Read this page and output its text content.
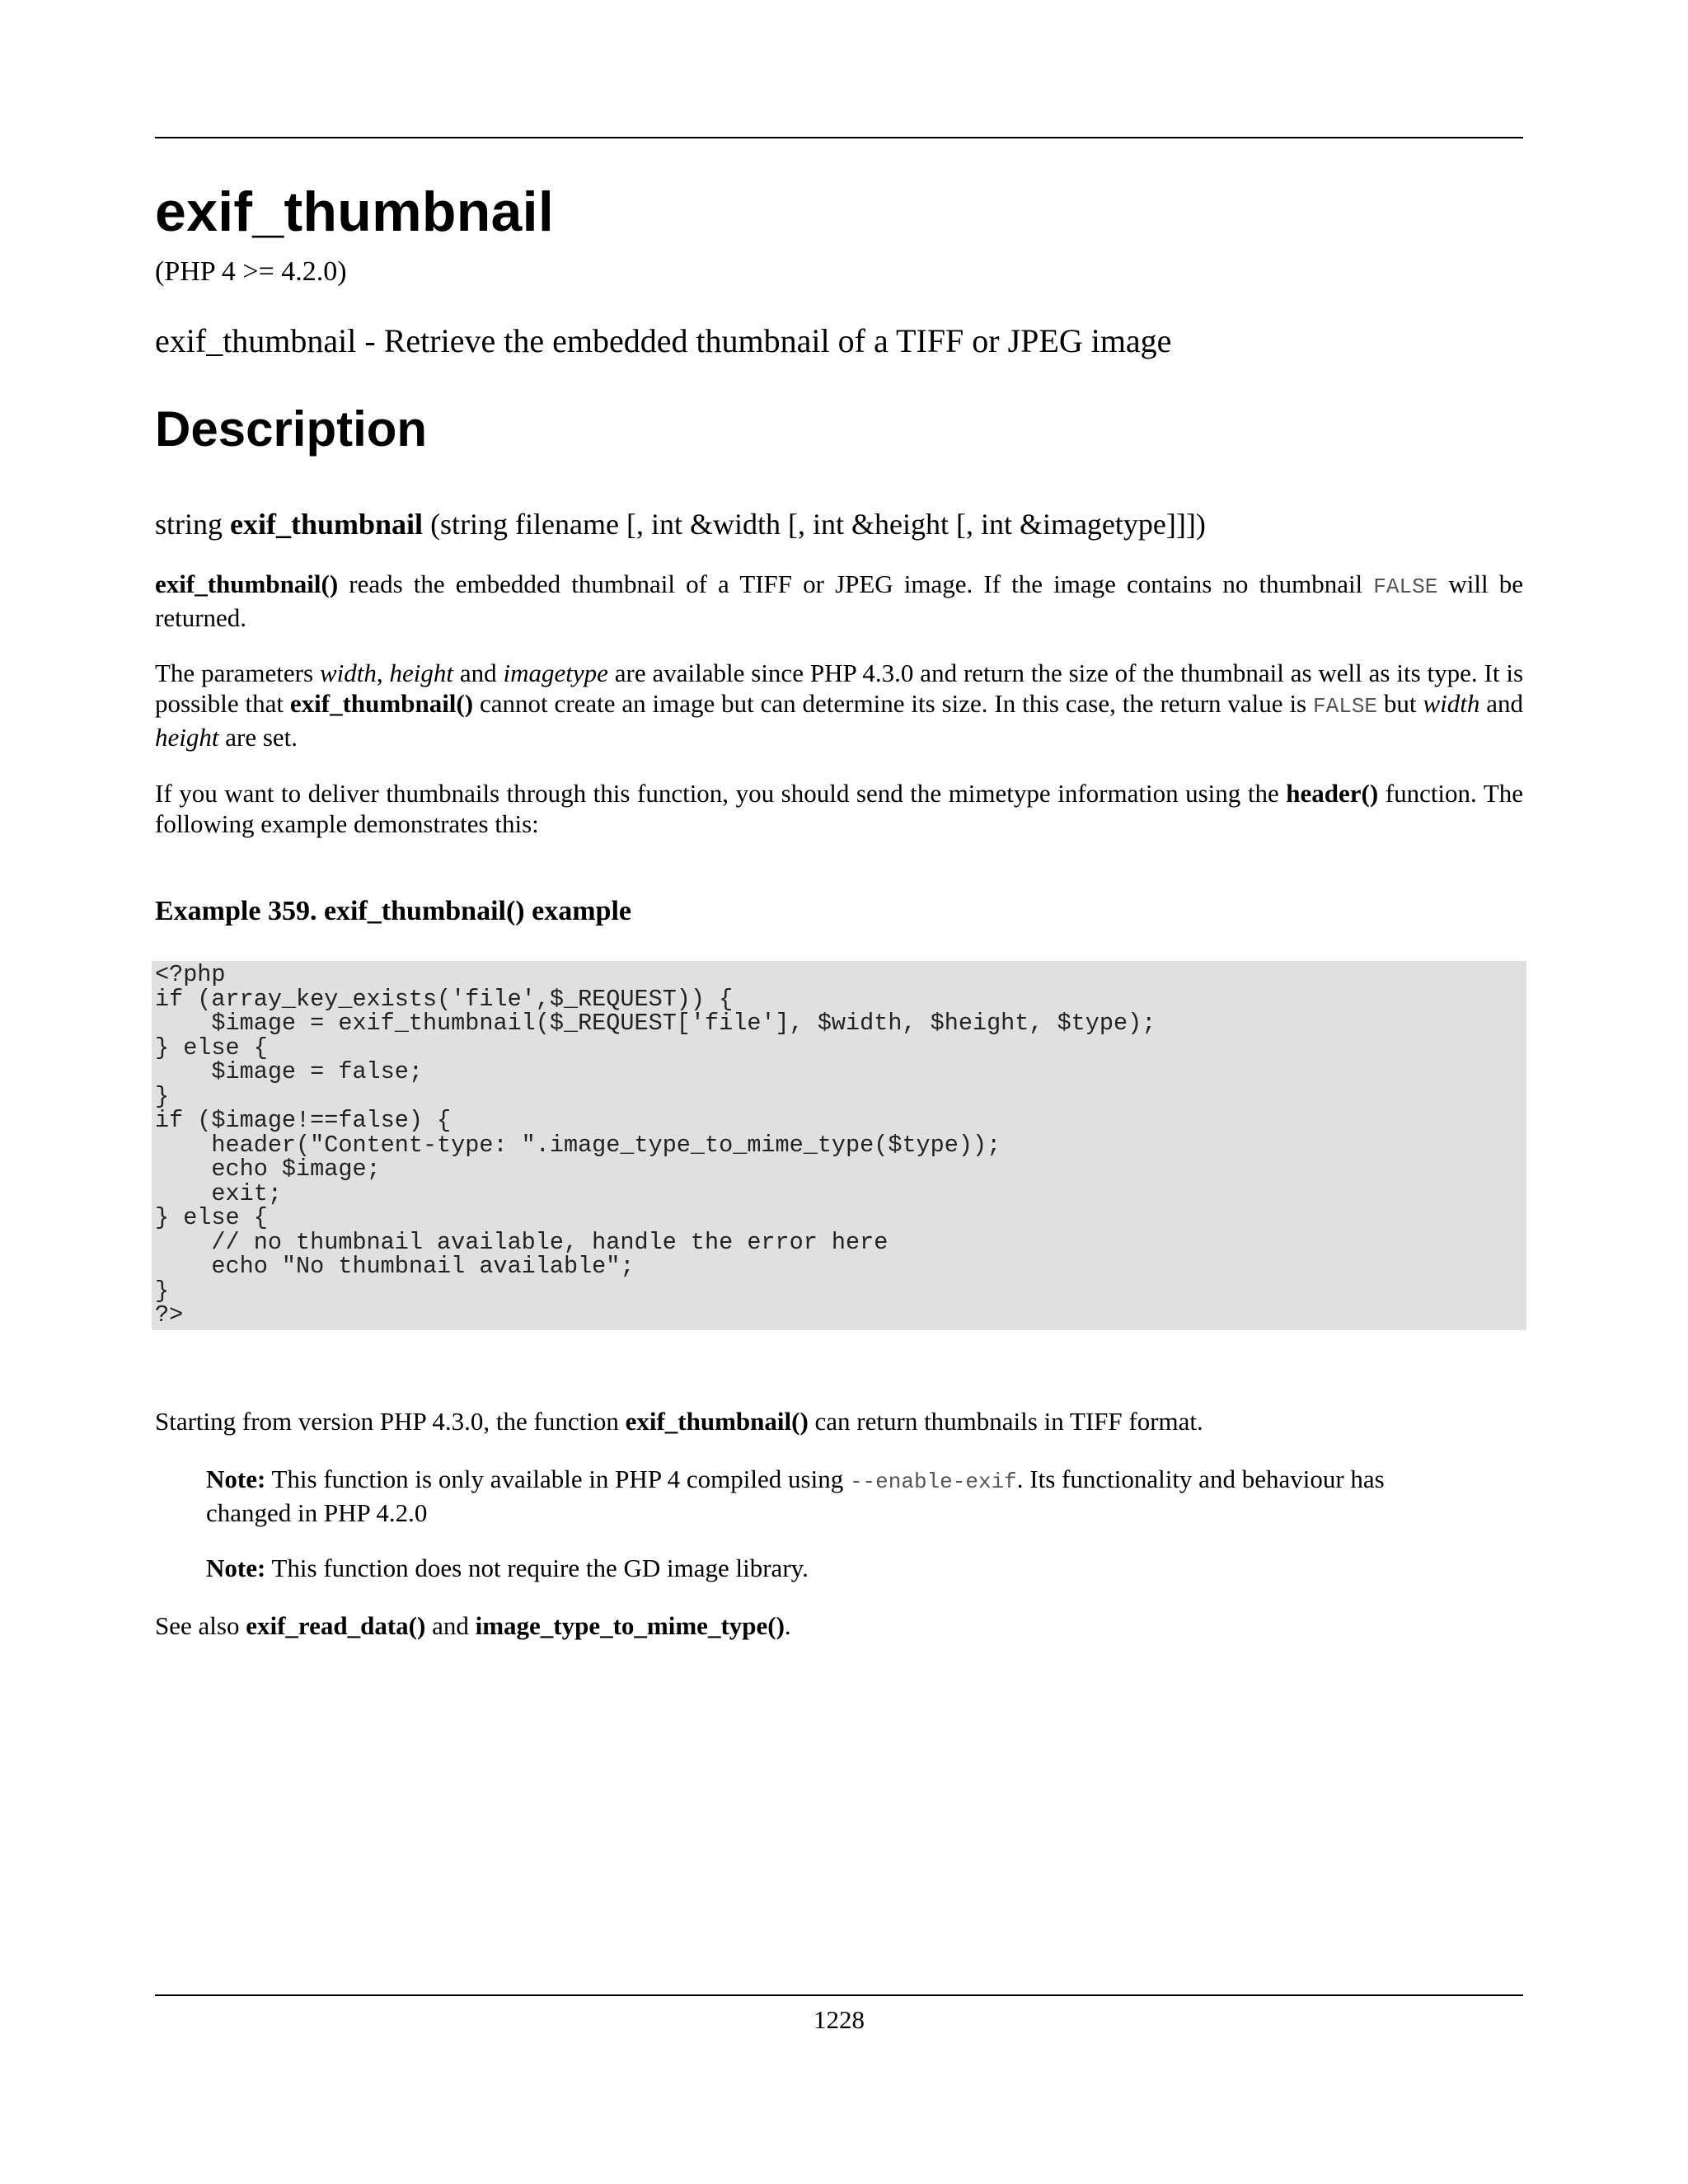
exif_thumbnail

(PHP 4 >= 4.2.0)

exif_thumbnail - Retrieve the embedded thumbnail of a TIFF or JPEG image

Description

string exif_thumbnail (string filename [, int &width [, int &height [, int &imagetype]]])

exif_thumbnail() reads the embedded thumbnail of a TIFF or JPEG image. If the image contains no thumbnail FALSE will be returned.

The parameters width, height and imagetype are available since PHP 4.3.0 and return the size of the thumbnail as well as its type. It is possible that exif_thumbnail() cannot create an image but can determine its size. In this case, the return value is FALSE but width and height are set.

If you want to deliver thumbnails through this function, you should send the mimetype information using the header() function. The following example demonstrates this:

Example 359. exif_thumbnail() example

<?php
if (array_key_exists('file',$_REQUEST)) {
$image = exif_thumbnail($_REQUEST['file'], $width, $height, $type);
} else {
$image = false;
}
if ($image!==false) {
header("Content-type: ".image_type_to_mime_type($type));
echo $image;
exit;
} else {
// no thumbnail available, handle the error here
echo "No thumbnail available";
}
?>

Starting from version PHP 4.3.0, the function exif_thumbnail() can return thumbnails in TIFF format.

Note: This function is only available in PHP 4 compiled using --enable-exif. Its functionality and behaviour has changed in PHP 4.2.0

Note: This function does not require the GD image library.

See also exif_read_data() and image_type_to_mime_type().

1228
